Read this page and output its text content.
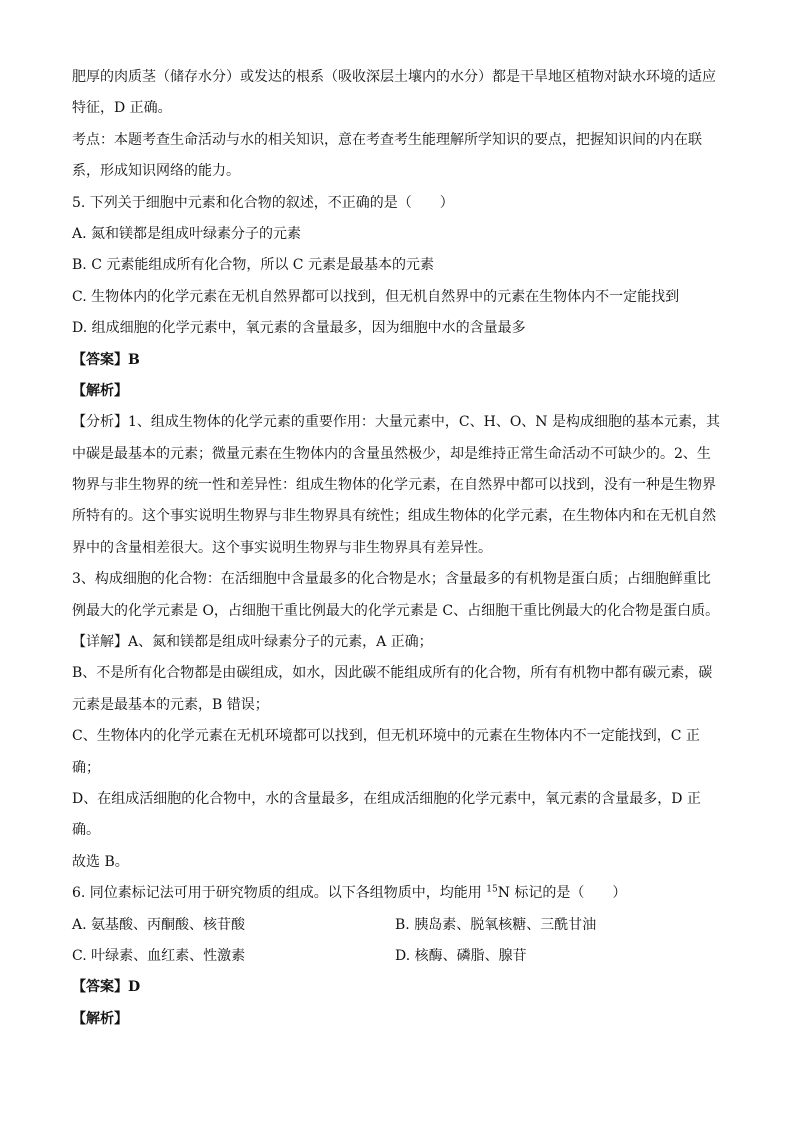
肥厚的肉质茎（储存水分）或发达的根系（吸收深层土壤内的水分）都是干旱地区植物对缺水环境的适应
特征，D 正确。
考点：本题考查生命活动与水的相关知识，意在考查考生能理解所学知识的要点，把握知识间的内在联
系，形成知识网络的能力。
5. 下列关于细胞中元素和化合物的叙述，不正确的是（　　）
A. 氮和镁都是组成叶绿素分子的元素
B. C 元素能组成所有化合物，所以 C 元素是最基本的元素
C. 生物体内的化学元素在无机自然界都可以找到，但无机自然界中的元素在生物体内不一定能找到
D. 组成细胞的化学元素中，氧元素的含量最多，因为细胞中水的含量最多
【答案】B
【解析】
【分析】1、组成生物体的化学元素的重要作用：大量元素中，C、H、O、N 是构成细胞的基本元素，其
中碳是最基本的元素；微量元素在生物体内的含量虽然极少，却是维持正常生命活动不可缺少的。2、生
物界与非生物界的统一性和差异性：组成生物体的化学元素，在自然界中都可以找到，没有一种是生物界
所特有的。这个事实说明生物界与非生物界具有统性；组成生物体的化学元素，在生物体内和在无机自然
界中的含量相差很大。这个事实说明生物界与非生物界具有差异性。
3、构成细胞的化合物：在活细胞中含量最多的化合物是水；含量最多的有机物是蛋白质；占细胞鲜重比
例最大的化学元素是 O，占细胞干重比例最大的化学元素是 C、占细胞干重比例最大的化合物是蛋白质。
【详解】A、氮和镁都是组成叶绿素分子的元素，A 正确；
B、不是所有化合物都是由碳组成，如水，因此碳不能组成所有的化合物，所有有机物中都有碳元素，碳
元素是最基本的元素，B 错误；
C、生物体内的化学元素在无机环境都可以找到，但无机环境中的元素在生物体内不一定能找到，C 正
确；
D、在组成活细胞的化合物中，水的含量最多，在组成活细胞的化学元素中，氧元素的含量最多，D 正
确。
故选 B。
6. 同位素标记法可用于研究物质的组成。以下各组物质中，均能用 $^{15}$N 标记的是（　　）
A. 氨基酸、丙酮酸、核苷酸	B. 胰岛素、脱氧核糖、三酰甘油
C. 叶绿素、血红素、性激素	D. 核酶、磷脂、腺苷
【答案】D
【解析】
